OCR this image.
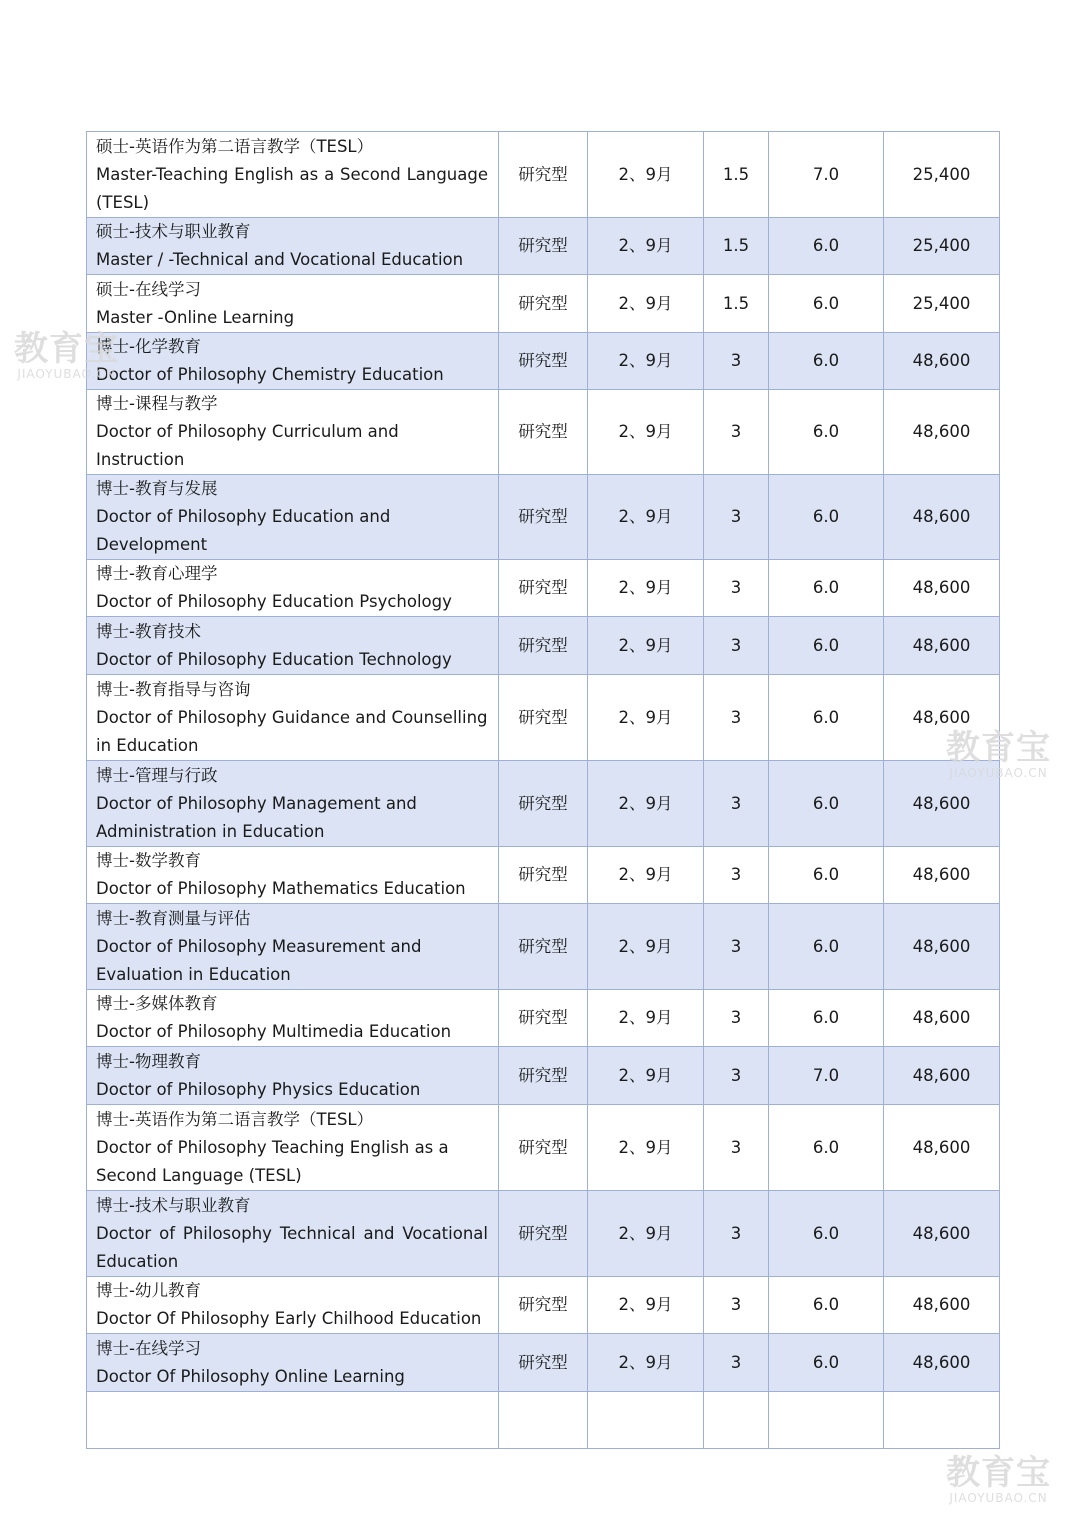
硕士-英语作为第二语言教学（TESL）
Master-Teaching English as a Second Language (TESL)	研究型	2、9月	1.5	7.0	25,400

硕士-技术与职业教育
Master / -Technical and Vocational Education	研究型	2、9月	1.5	6.0	25,400

硕士-在线学习
Master -Online Learning	研究型	2、9月	1.5	6.0	25,400

博士-化学教育
Doctor of Philosophy Chemistry Education	研究型	2、9月	3	6.0	48,600

博士-课程与教学
Doctor of Philosophy Curriculum and Instruction	研究型	2、9月	3	6.0	48,600

博士-教育与发展
Doctor of Philosophy Education and Development	研究型	2、9月	3	6.0	48,600

博士-教育心理学
Doctor of Philosophy Education Psychology	研究型	2、9月	3	6.0	48,600

博士-教育技术
Doctor of Philosophy Education Technology	研究型	2、9月	3	6.0	48,600

博士-教育指导与咨询
Doctor of Philosophy Guidance and Counselling in Education	研究型	2、9月	3	6.0	48,600

博士-管理与行政
Doctor of Philosophy Management and Administration in Education	研究型	2、9月	3	6.0	48,600

博士-数学教育
Doctor of Philosophy Mathematics Education	研究型	2、9月	3	6.0	48,600

博士-教育测量与评估
Doctor of Philosophy Measurement and Evaluation in Education	研究型	2、9月	3	6.0	48,600

博士-多媒体教育
Doctor of Philosophy Multimedia Education	研究型	2、9月	3	6.0	48,600

博士-物理教育
Doctor of Philosophy Physics Education	研究型	2、9月	3	7.0	48,600

博士-英语作为第二语言教学（TESL）
Doctor of Philosophy Teaching English as a Second Language (TESL)	研究型	2、9月	3	6.0	48,600

博士-技术与职业教育
Doctor of Philosophy Technical and Vocational Education	研究型	2、9月	3	6.0	48,600

博士-幼儿教育
Doctor Of Philosophy Early Chilhood Education	研究型	2、9月	3	6.0	48,600

博士-在线学习
Doctor Of Philosophy Online Learning	研究型	2、9月	3	6.0	48,600

教育宝
JIAOYUBAO.CN
教育宝
JIAOYUBAO.CN
教育宝
JIAOYUBAO.CN
